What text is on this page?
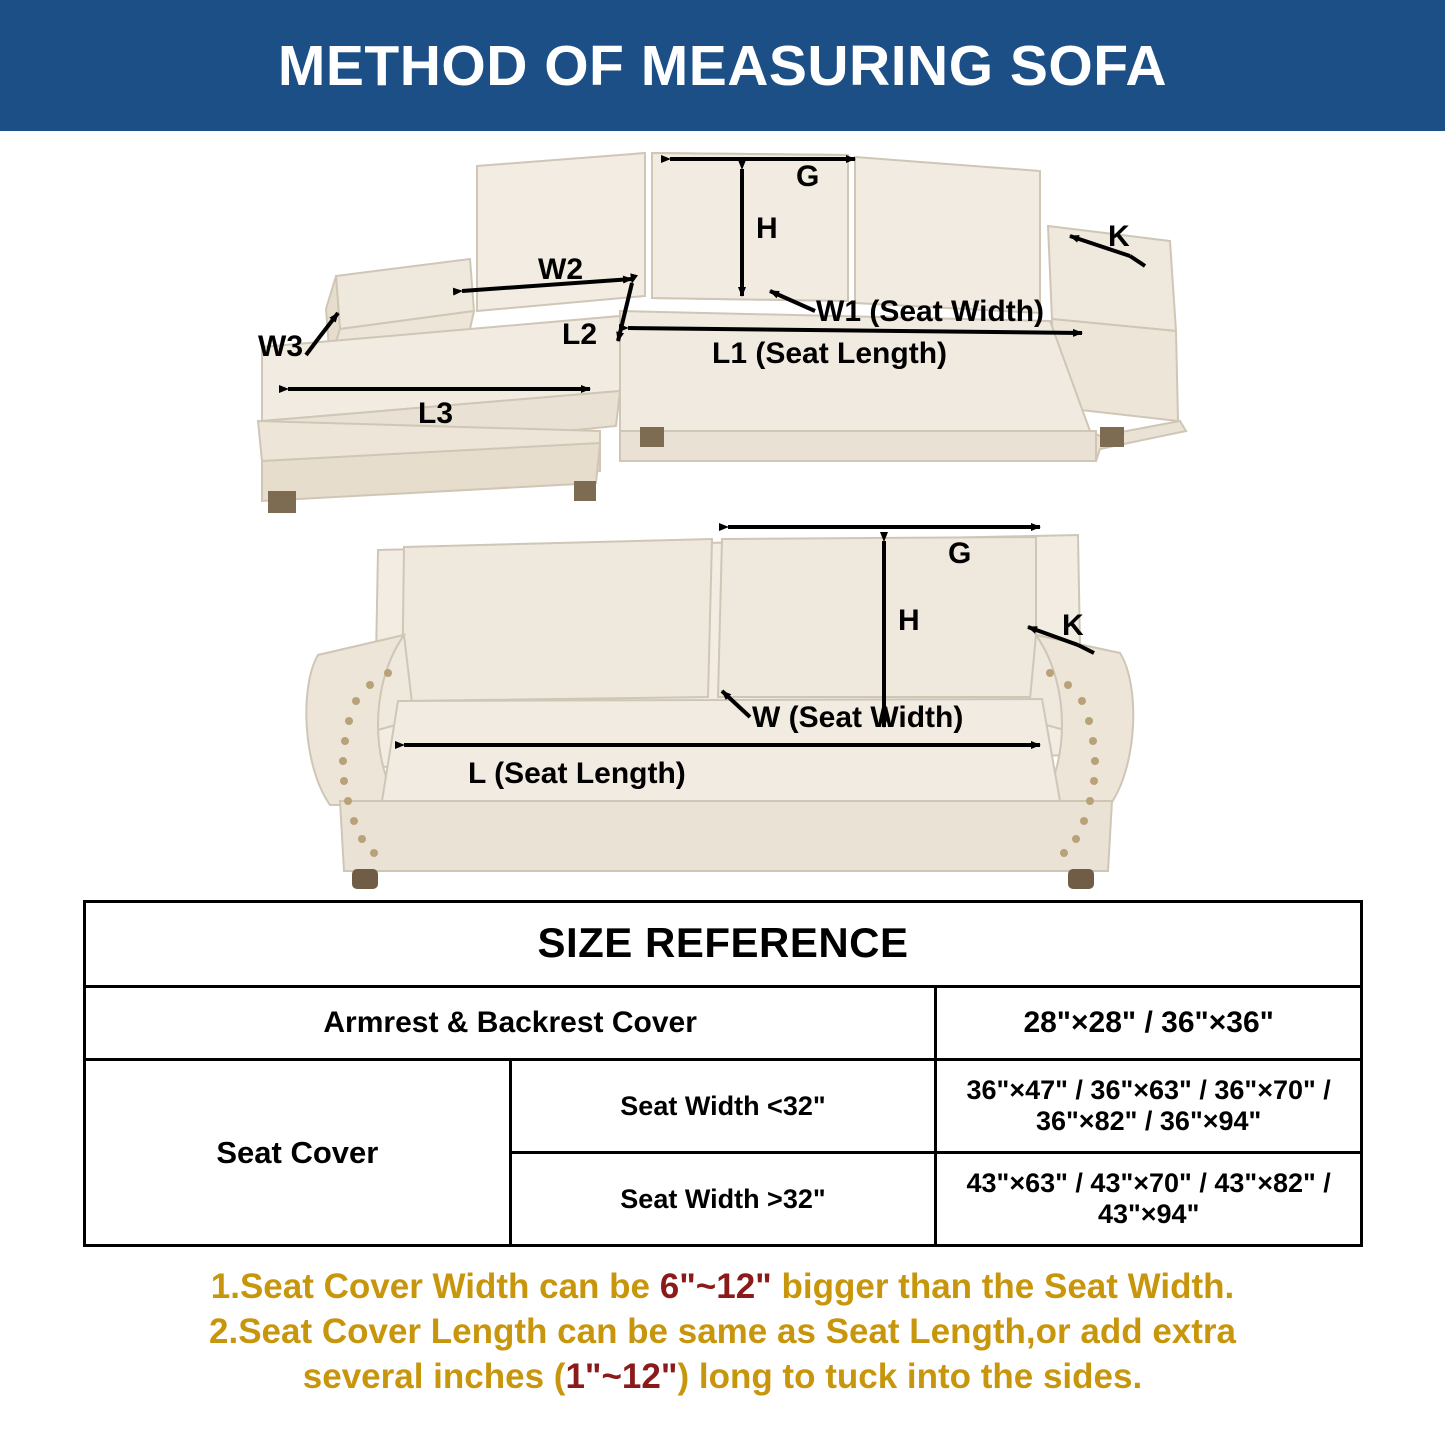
METHOD OF MEASURING SOFA
G
H	K
W1 (Seat Width)
L1 (Seat Length)
W2
L2
W3
L3
G
H	K
W (Seat Width)
L (Seat Length)
SIZE REFERENCE		
Armrest & Backrest Cover		28"×28" / 36"×36"
Seat Cover	Seat Width <32"	36"×47" / 36"×63" / 36"×70" / 36"×82" / 36"×94"
	Seat Width >32"	43"×63" / 43"×70" / 43"×82" / 43"×94"
1.Seat Cover Width can be 6"~12" bigger than the Seat Width.
2.Seat Cover Length can be same as Seat Length,or add extra
several inches (1"~12") long to tuck into the sides.
